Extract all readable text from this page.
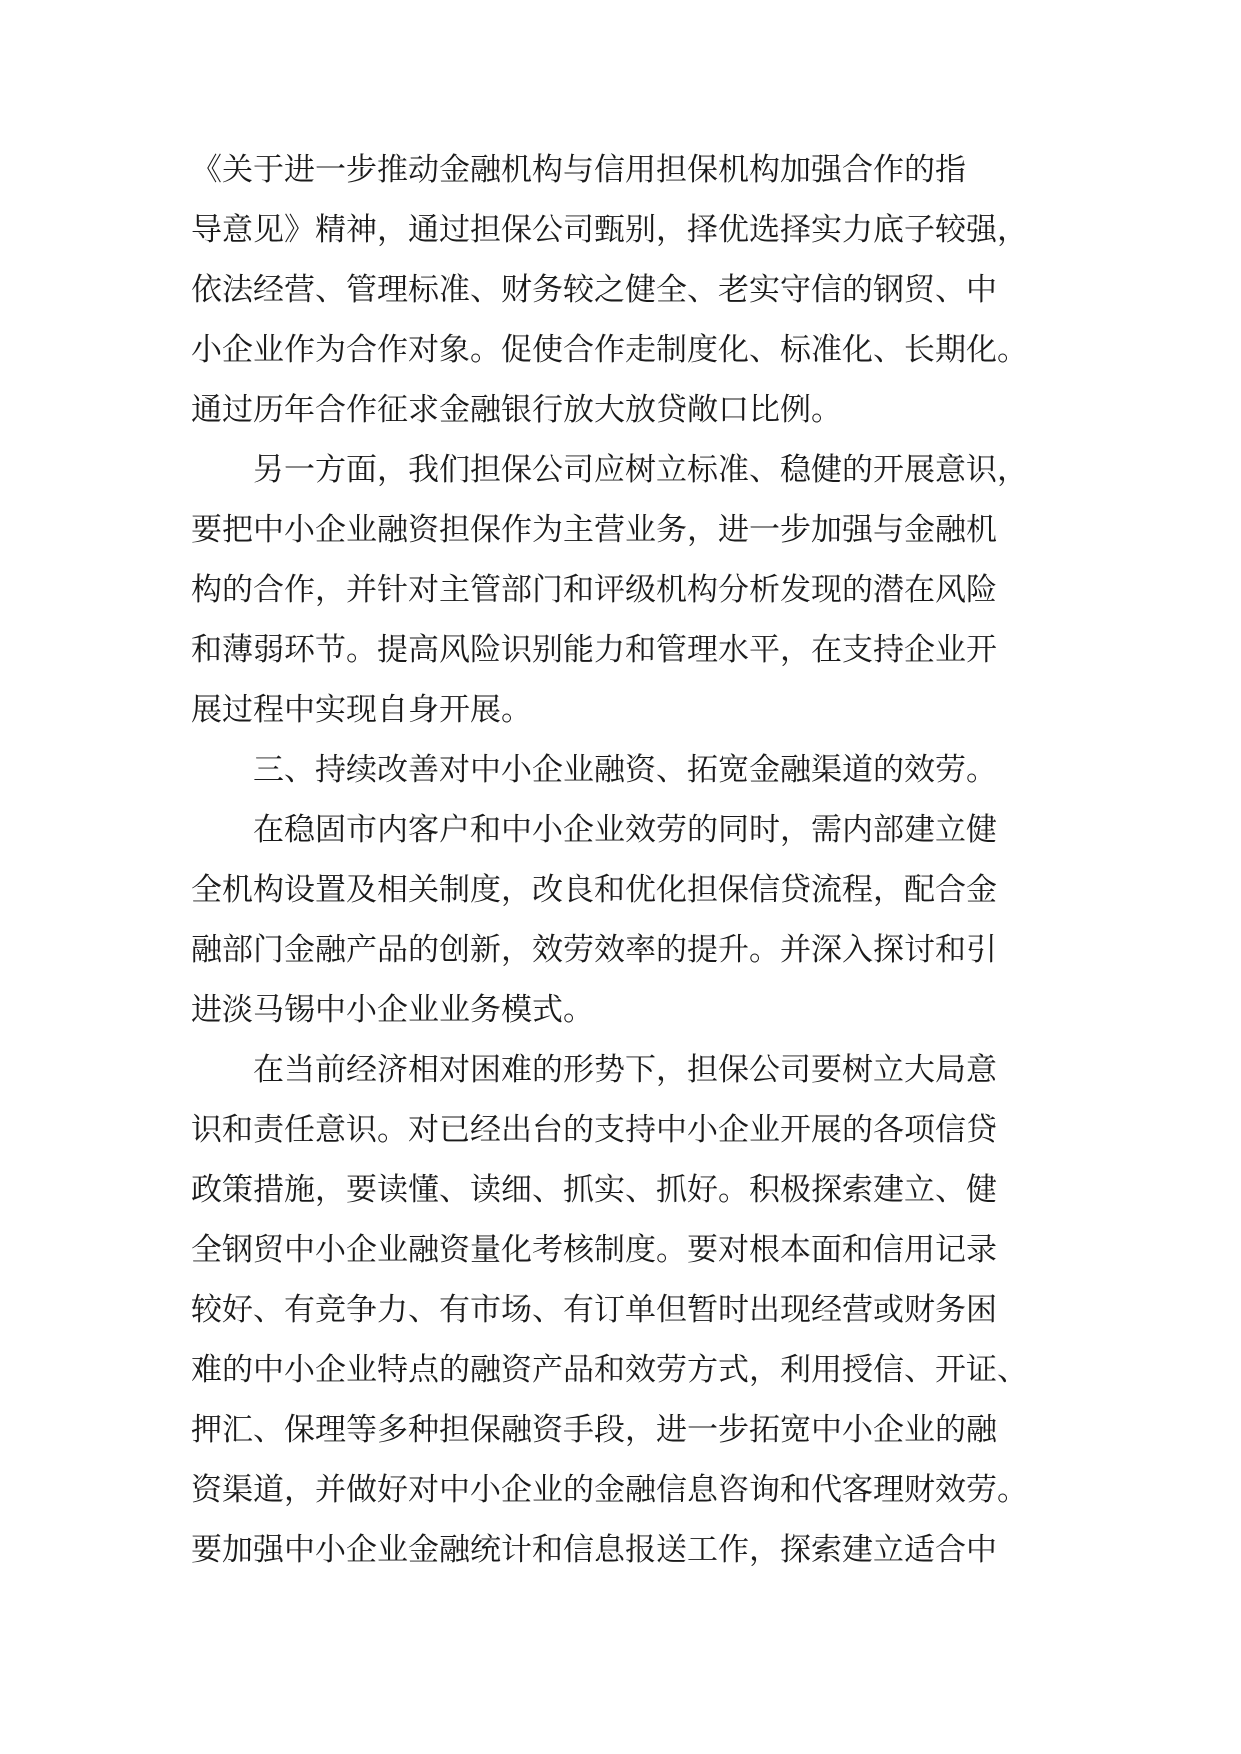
《关于进一步推动金融机构与信用担保机构加强合作的指

导意见》精神，通过担保公司甄别，择优选择实力底子较强，

依法经营、管理标准、财务较之健全、老实守信的钢贸、中

小企业作为合作对象。促使合作走制度化、标准化、长期化。

通过历年合作征求金融银行放大放贷敞口比例。

另一方面，我们担保公司应树立标准、稳健的开展意识，

要把中小企业融资担保作为主营业务，进一步加强与金融机

构的合作，并针对主管部门和评级机构分析发现的潜在风险

和薄弱环节。提高风险识别能力和管理水平，在支持企业开

展过程中实现自身开展。

三、持续改善对中小企业融资、拓宽金融渠道的效劳。

在稳固市内客户和中小企业效劳的同时，需内部建立健

全机构设置及相关制度，改良和优化担保信贷流程，配合金

融部门金融产品的创新，效劳效率的提升。并深入探讨和引

进淡马锡中小企业业务模式。

在当前经济相对困难的形势下，担保公司要树立大局意

识和责任意识。对已经出台的支持中小企业开展的各项信贷

政策措施，要读懂、读细、抓实、抓好。积极探索建立、健

全钢贸中小企业融资量化考核制度。要对根本面和信用记录

较好、有竞争力、有市场、有订单但暂时出现经营或财务困

难的中小企业特点的融资产品和效劳方式，利用授信、开证、

押汇、保理等多种担保融资手段，进一步拓宽中小企业的融

资渠道，并做好对中小企业的金融信息咨询和代客理财效劳。

要加强中小企业金融统计和信息报送工作，探索建立适合中
